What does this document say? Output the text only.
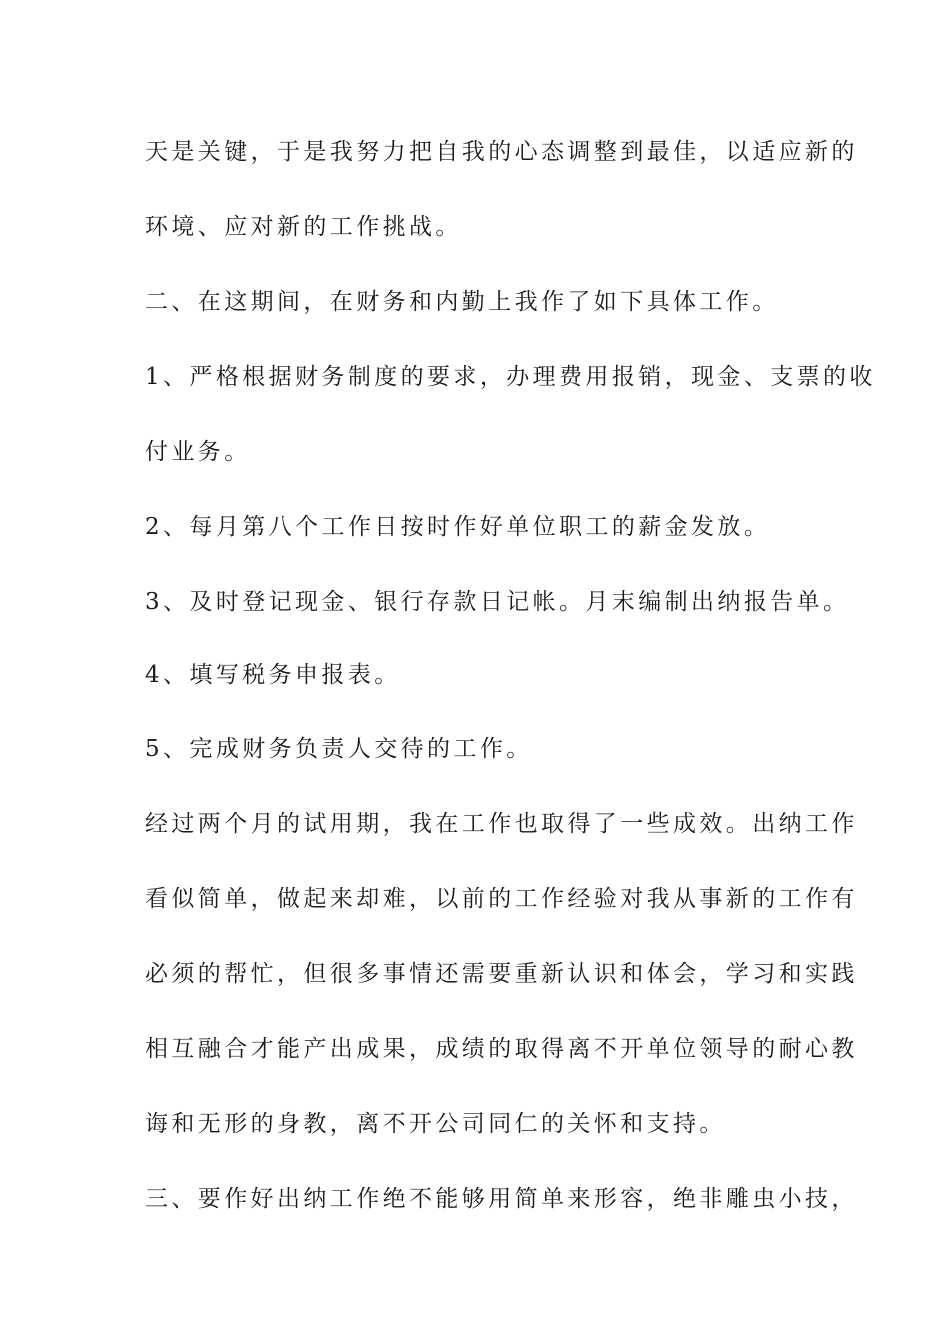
天是关键，于是我努力把自我的心态调整到最佳，以适应新的
环境、应对新的工作挑战。
二、在这期间，在财务和内勤上我作了如下具体工作。
1、严格根据财务制度的要求，办理费用报销，现金、支票的收
付业务。
2、每月第八个工作日按时作好单位职工的薪金发放。
3、及时登记现金、银行存款日记帐。月末编制出纳报告单。
4、填写税务申报表。
5、完成财务负责人交待的工作。
经过两个月的试用期，我在工作也取得了一些成效。出纳工作
看似简单，做起来却难，以前的工作经验对我从事新的工作有
必须的帮忙，但很多事情还需要重新认识和体会，学习和实践
相互融合才能产出成果，成绩的取得离不开单位领导的耐心教
诲和无形的身教，离不开公司同仁的关怀和支持。
三、要作好出纳工作绝不能够用简单来形容，绝非雕虫小技，
